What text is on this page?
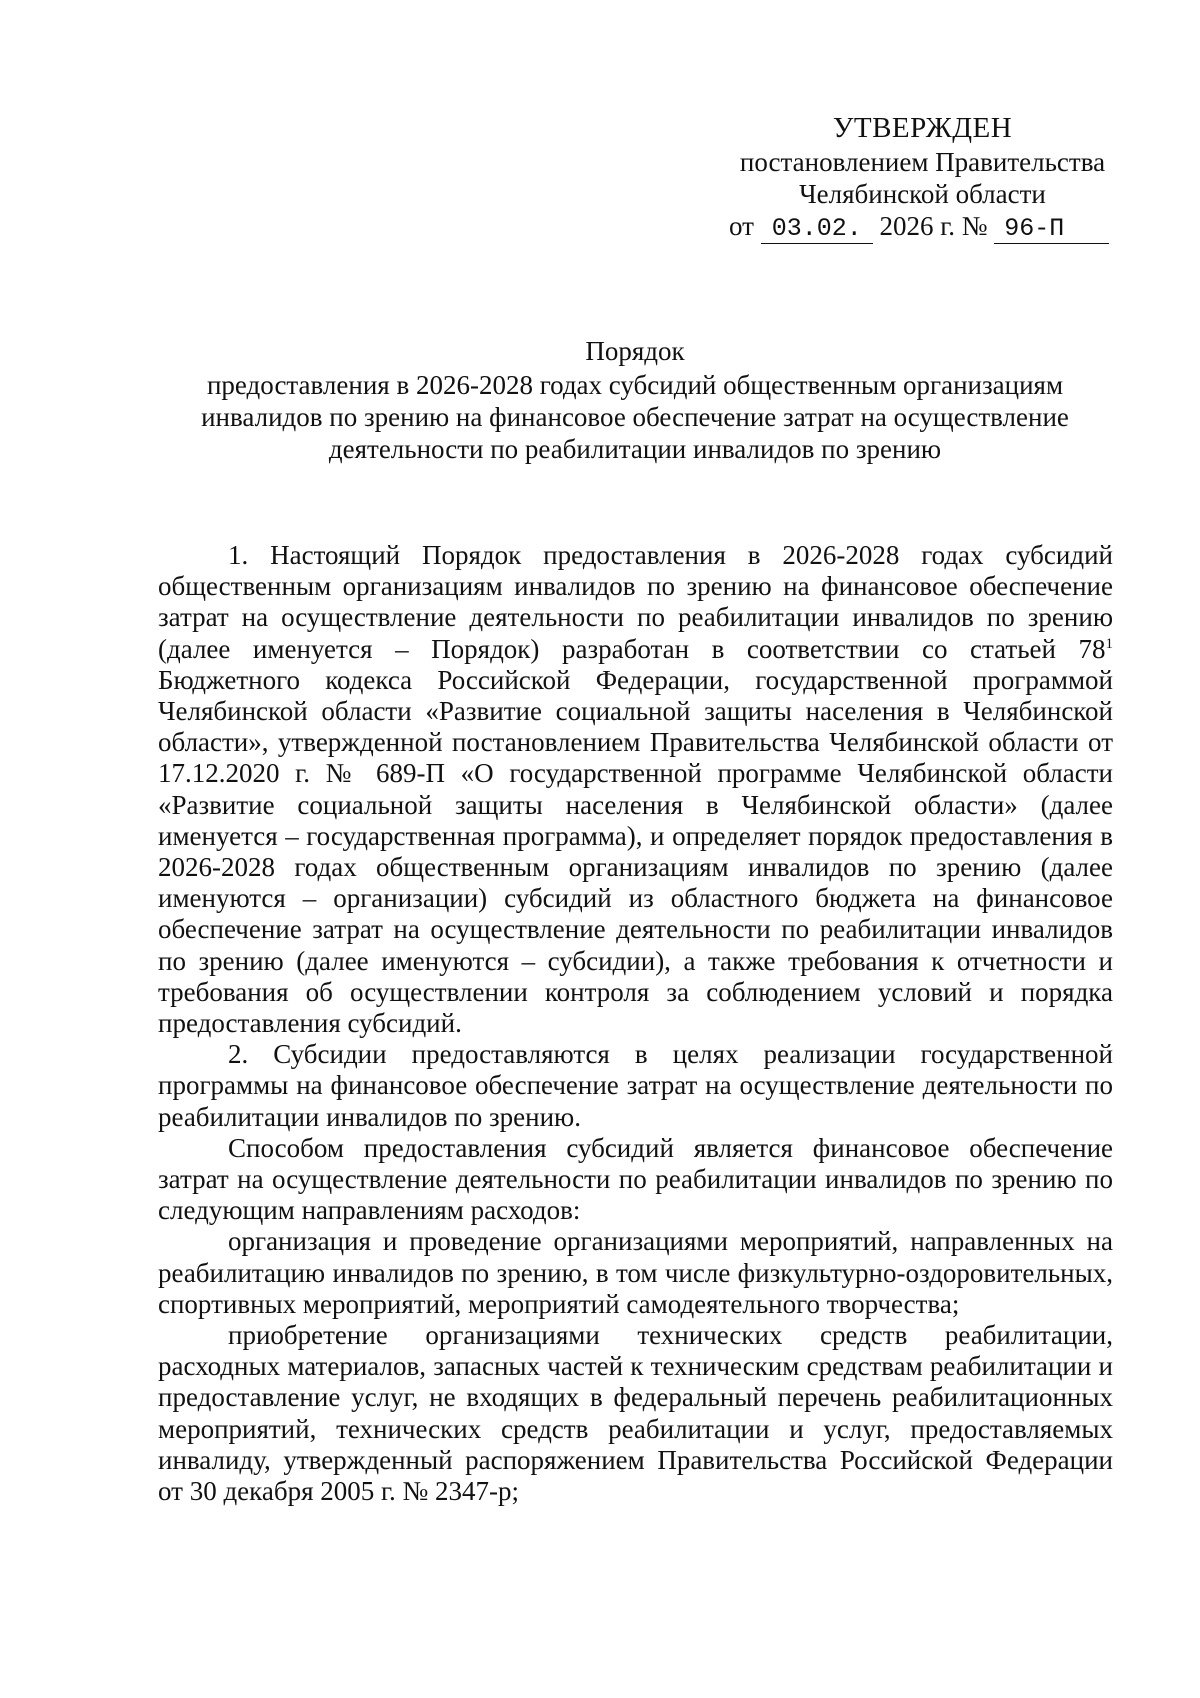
УТВЕРЖДЕН
постановлением Правительства
Челябинской области
от 03.02. 2026 г. № 96-П
Порядок
предоставления в 2026-2028 годах субсидий общественным организациям
инвалидов по зрению на финансовое обеспечение затрат на осуществление
деятельности по реабилитации инвалидов по зрению

1. Настоящий Порядок предоставления в 2026-2028 годах субсидий общественным организациям инвалидов по зрению на финансовое обеспечение затрат на осуществление деятельности по реабилитации инвалидов по зрению (далее именуется – Порядок) разработан в соответствии со статьей $78^1$ Бюджетного кодекса Российской Федерации, государственной программой Челябинской области «Развитие социальной защиты населения в Челябинской области», утвержденной постановлением Правительства Челябинской области от 17.12.2020 г. № 689-П «О государственной программе Челябинской области «Развитие социальной защиты населения в Челябинской области» (далее именуется – государственная программа), и определяет порядок предоставления в 2026-2028 годах общественным организациям инвалидов по зрению (далее именуются – организации) субсидий из областного бюджета на финансовое обеспечение затрат на осуществление деятельности по реабилитации инвалидов по зрению (далее именуются – субсидии), а также требования к отчетности и требования об осуществлении контроля за соблюдением условий и порядка предоставления субсидий.

2. Субсидии предоставляются в целях реализации государственной программы на финансовое обеспечение затрат на осуществление деятельности по реабилитации инвалидов по зрению.

Способом предоставления субсидий является финансовое обеспечение затрат на осуществление деятельности по реабилитации инвалидов по зрению по следующим направлениям расходов:

организация и проведение организациями мероприятий, направленных на реабилитацию инвалидов по зрению, в том числе физкультурно-оздоровительных, спортивных мероприятий, мероприятий самодеятельного творчества;

приобретение организациями технических средств реабилитации, расходных материалов, запасных частей к техническим средствам реабилитации и предоставление услуг, не входящих в федеральный перечень реабилитационных мероприятий, технических средств реабилитации и услуг, предоставляемых инвалиду, утвержденный распоряжением Правительства Российской Федерации от 30 декабря 2005 г. № 2347-р;
